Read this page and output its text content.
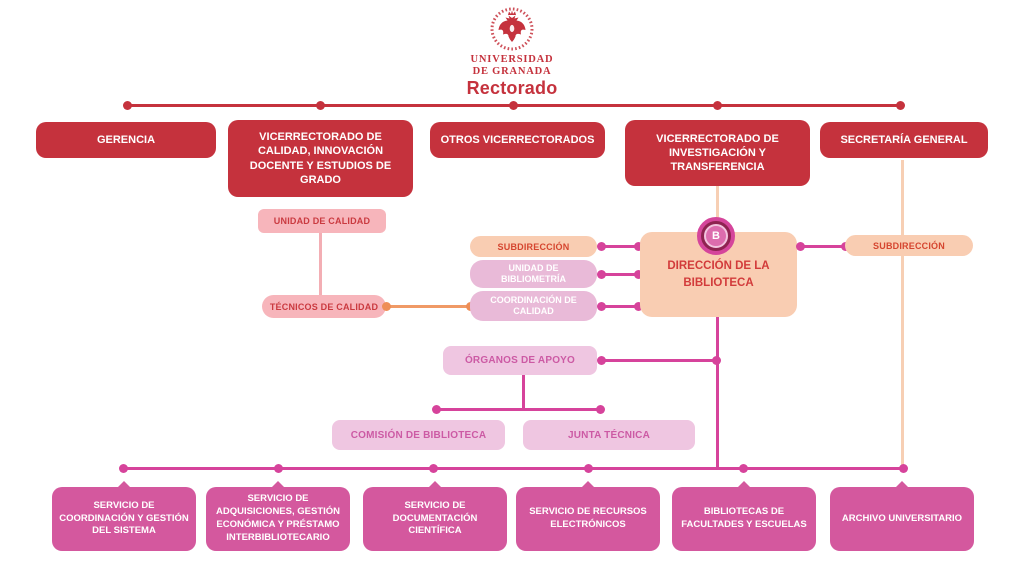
UNIVERSIDAD
DE GRANADA
Rectorado
GERENCIA	VICERRECTORADO DE CALIDAD, INNOVACIÓN DOCENTE Y ESTUDIOS DE GRADO
OTROS VICERRECTORADOS	VICERRECTORADO DE INVESTIGACIÓN Y TRANSFERENCIA
SECRETARÍA GENERAL
UNIDAD DE CALIDAD
TÉCNICOS DE CALIDAD
SUBDIRECCIÓN
UNIDAD DE BIBLIOMETRÍA
COORDINACIÓN DE CALIDAD
DIRECCIÓN DE LA BIBLIOTECA
B
SUBDIRECCIÓN
ÓRGANOS DE APOYO
COMISIÓN DE BIBLIOTECA	JUNTA TÉCNICA
SERVICIO DE COORDINACIÓN Y GESTIÓN DEL SISTEMA
SERVICIO DE ADQUISICIONES, GESTIÓN ECONÓMICA Y PRÉSTAMO INTERBIBLIOTECARIO
SERVICIO DE DOCUMENTACIÓN CIENTÍFICA
SERVICIO DE RECURSOS ELECTRÓNICOS
BIBLIOTECAS DE FACULTADES Y ESCUELAS
ARCHIVO UNIVERSITARIO
